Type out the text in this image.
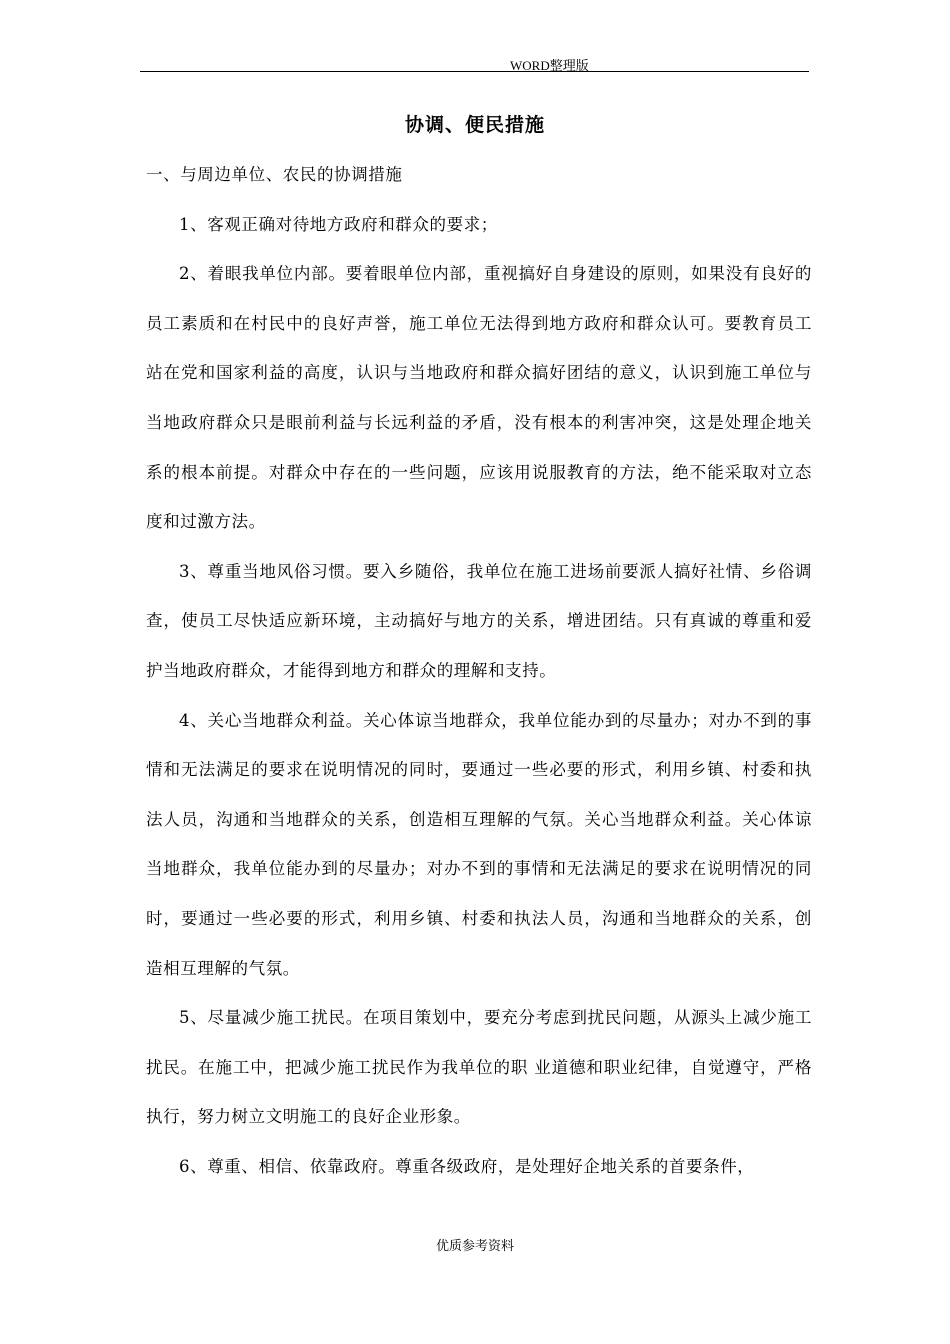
WORD整理版
协调、便民措施

一、与周边单位、农民的协调措施

1、客观正确对待地方政府和群众的要求；

2、着眼我单位内部。要着眼单位内部，重视搞好自身建设的原则，如果没有良好的员工素质和在村民中的良好声誉，施工单位无法得到地方政府和群众认可。要教育员工站在党和国家利益的高度，认识与当地政府和群众搞好团结的意义，认识到施工单位与当地政府群众只是眼前利益与长远利益的矛盾，没有根本的利害冲突，这是处理企地关系的根本前提。对群众中存在的一些问题，应该用说服教育的方法，绝不能采取对立态度和过激方法。

3、尊重当地风俗习惯。要入乡随俗，我单位在施工进场前要派人搞好社情、乡俗调查，使员工尽快适应新环境，主动搞好与地方的关系，增进团结。只有真诚的尊重和爱护当地政府群众，才能得到地方和群众的理解和支持。

4、关心当地群众利益。关心体谅当地群众，我单位能办到的尽量办；对办不到的事情和无法满足的要求在说明情况的同时，要通过一些必要的形式，利用乡镇、村委和执法人员，沟通和当地群众的关系，创造相互理解的气氛。关心当地群众利益。关心体谅当地群众，我单位能办到的尽量办；对办不到的事情和无法满足的要求在说明情况的同时，要通过一些必要的形式，利用乡镇、村委和执法人员，沟通和当地群众的关系，创造相互理解的气氛。

5、尽量减少施工扰民。在项目策划中，要充分考虑到扰民问题，从源头上减少施工扰民。在施工中，把减少施工扰民作为我单位的职 业道德和职业纪律，自觉遵守，严格执行，努力树立文明施工的良好企业形象。

6、尊重、相信、依靠政府。尊重各级政府，是处理好企地关系的首要条件，

优质参考资料
